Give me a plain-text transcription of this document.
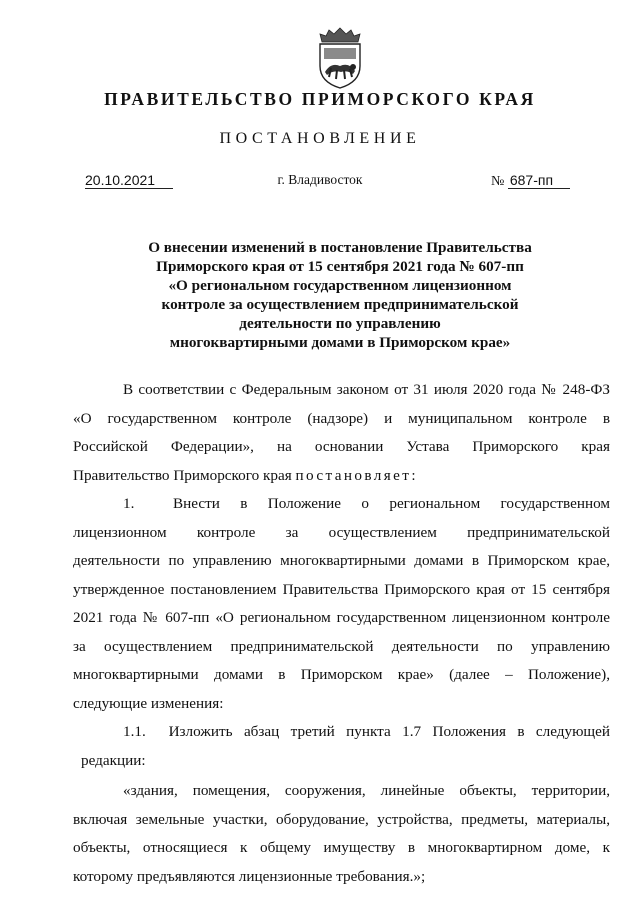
ПРАВИТЕЛЬСТВО ПРИМОРСКОГО КРАЯ
ПОСТАНОВЛЕНИЕ
20.10.2021	г. Владивосток	№ 687-пп
О внесении изменений в постановление Правительства
Приморского края от 15 сентября 2021 года № 607-пп
«О региональном государственном лицензионном
контроле за осуществлением предпринимательской
деятельности по управлению
многоквартирными домами в Приморском крае»
В соответствии с Федеральным законом от 31 июля 2020 года № 248-ФЗ
«О государственном контроле (надзоре) и муниципальном контроле в
Российской Федерации», на основании Устава Приморского края
Правительство Приморского края постановляет:
1.	Внести в Положение о региональном государственном
лицензионном контроле за осуществлением предпринимательской
деятельности по управлению многоквартирными домами в Приморском крае,
утвержденное постановлением Правительства Приморского края от 15 сентября
2021 года № 607-пп «О региональном государственном лицензионном контроле
за осуществлением предпринимательской деятельности по управлению
многоквартирными домами в Приморском крае» (далее – Положение),
следующие изменения:
1.1. Изложить абзац третий пункта 1.7 Положения в следующей
редакции:
«здания, помещения, сооружения, линейные объекты, территории,
включая земельные участки, оборудование, устройства, предметы, материалы,
объекты, относящиеся к общему имуществу в многоквартирном доме, к
которому предъявляются лицензионные требования.»;
